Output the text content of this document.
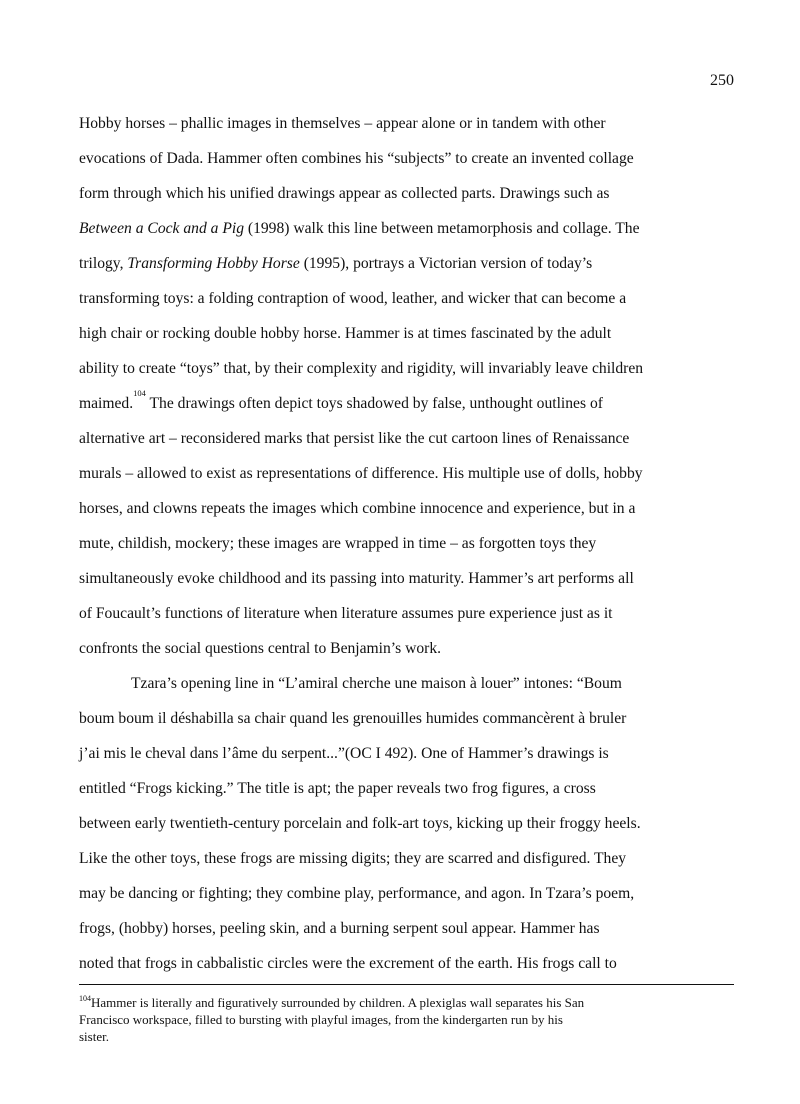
250

Hobby horses – phallic images in themselves – appear alone or in tandem with other
evocations of Dada. Hammer often combines his “subjects” to create an invented collage
form through which his unified drawings appear as collected parts. Drawings such as
Between a Cock and a Pig (1998) walk this line between metamorphosis and collage. The
trilogy, Transforming Hobby Horse (1995), portrays a Victorian version of today’s
transforming toys: a folding contraption of wood, leather, and wicker that can become a
high chair or rocking double hobby horse. Hammer is at times fascinated by the adult
ability to create “toys” that, by their complexity and rigidity, will invariably leave children
maimed.$^{104}$ The drawings often depict toys shadowed by false, unthought outlines of
alternative art – reconsidered marks that persist like the cut cartoon lines of Renaissance
murals – allowed to exist as representations of difference. His multiple use of dolls, hobby
horses, and clowns repeats the images which combine innocence and experience, but in a
mute, childish, mockery; these images are wrapped in time – as forgotten toys they
simultaneously evoke childhood and its passing into maturity. Hammer’s art performs all
of Foucault’s functions of literature when literature assumes pure experience just as it
confronts the social questions central to Benjamin’s work.

Tzara’s opening line in “L’amiral cherche une maison à louer” intones: “Boum

boum boum il déshabilla sa chair quand les grenouilles humides commancèrent à bruler
j’ai mis le cheval dans l’âme du serpent...”(OC I 492). One of Hammer’s drawings is
entitled “Frogs kicking.” The title is apt; the paper reveals two frog figures, a cross
between early twentieth-century porcelain and folk-art toys, kicking up their froggy heels.
Like the other toys, these frogs are missing digits; they are scarred and disfigured. They
may be dancing or fighting; they combine play, performance, and agon. In Tzara’s poem,
frogs, (hobby) horses, peeling skin, and a burning serpent soul appear. Hammer has
noted that frogs in cabbalistic circles were the excrement of the earth. His frogs call to

$^{104}$Hammer is literally and figuratively surrounded by children. A plexiglas wall separates his San
Francisco workspace, filled to bursting with playful images, from the kindergarten run by his
sister.
